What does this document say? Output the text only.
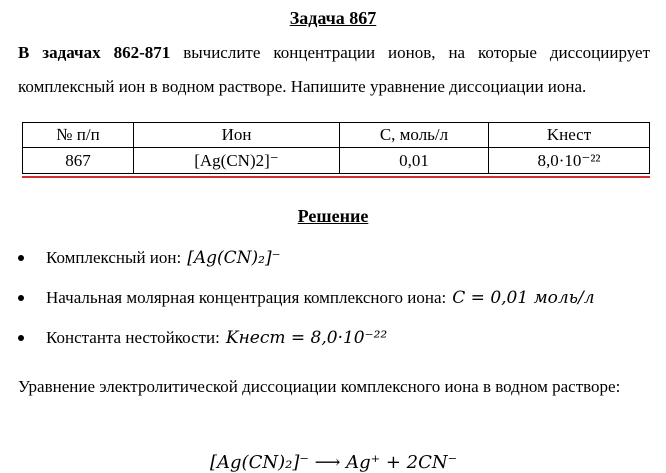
Задача 867
В задачах 862-871 вычислите концентрации ионов, на которые диссоциирует комплексный ион в водном растворе. Напишите уравнение диссоциации иона.
№ п/п	Ион	C, моль/л	Kнест
867	[Ag(CN)2]⁻	0,01	8,0·10⁻²²
Решение
Комплексный ион: [Ag(CN)₂]⁻
Начальная молярная концентрация комплексного иона: C = 0,01 моль/л
Константа нестойкости: Kнест = 8,0·10⁻²²
Уравнение электролитической диссоциации комплексного иона в водном растворе:
[Ag(CN)₂]⁻ ⟶ Ag⁺ + 2CN⁻
